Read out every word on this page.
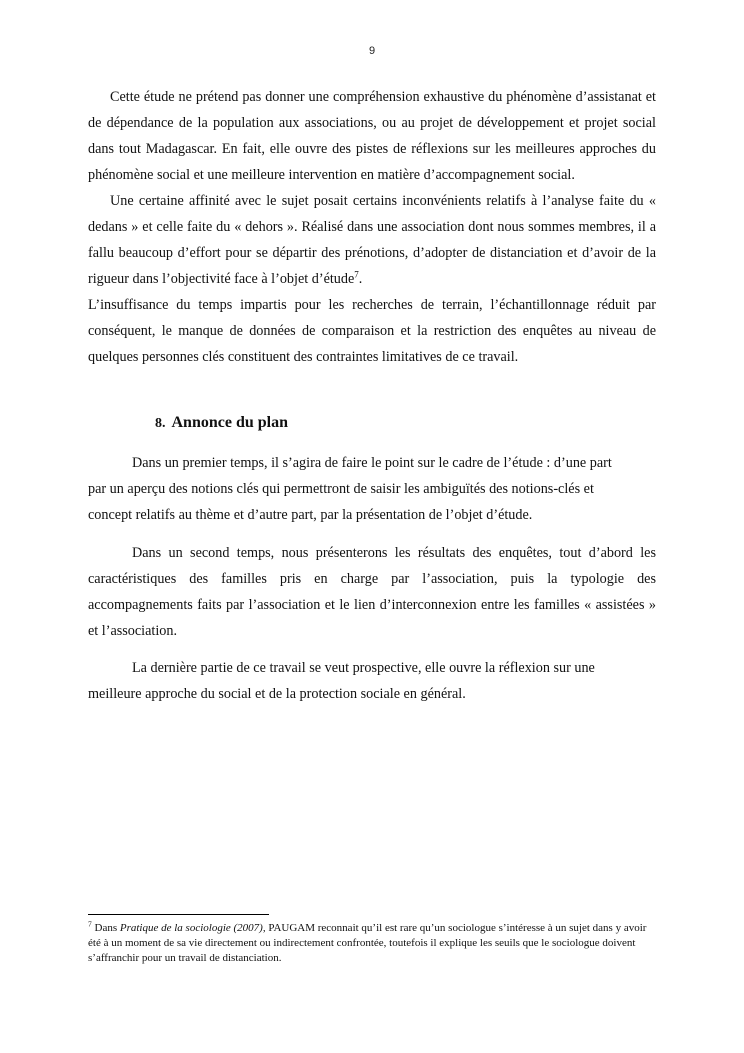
9

Cette étude ne prétend pas donner une compréhension exhaustive du phénomène d’assistanat et de dépendance de la population aux associations, ou au projet de développement et projet social dans tout Madagascar. En fait, elle ouvre des pistes de réflexions sur les meilleures approches du phénomène social et une meilleure intervention en matière d’accompagnement social.

Une certaine affinité avec le sujet posait certains inconvénients relatifs à l’analyse faite du « dedans » et celle faite du « dehors ». Réalisé dans une association dont nous sommes membres, il a fallu beaucoup d’effort pour se départir des prénotions, d’adopter de distanciation et d’avoir de la rigueur dans l’objectivité face à l’objet d’étude$^7$.

L’insuffisance du temps impartis pour les recherches de terrain, l’échantillonnage réduit par conséquent, le manque de données de comparaison et la restriction des enquêtes au niveau de quelques personnes clés constituent des contraintes limitatives de ce travail.

8. Annonce du plan
Dans un premier temps, il s’agira de faire le point sur le cadre de l’étude : d’une part
par un aperçu des notions clés qui permettront de saisir les ambiguïtés des notions-clés et
concept relatifs au thème et d’autre part, par la présentation de l’objet d’étude.

Dans un second temps, nous présenterons les résultats des enquêtes, tout d’abord les caractéristiques des familles pris en charge par l’association, puis la typologie des accompagnements faits par l’association et le lien d’interconnexion entre les familles « assistées » et l’association.

La dernière partie de ce travail se veut prospective, elle ouvre la réflexion sur une
meilleure approche du social et de la protection sociale en général.
$^7$ Dans Pratique de la sociologie (2007), PAUGAM reconnait qu’il est rare qu’un sociologue s’intéresse à un sujet dans y avoir été à un moment de sa vie directement ou indirectement confrontée, toutefois il explique les seuils que le sociologue doivent s’affranchir pour un travail de distanciation.
